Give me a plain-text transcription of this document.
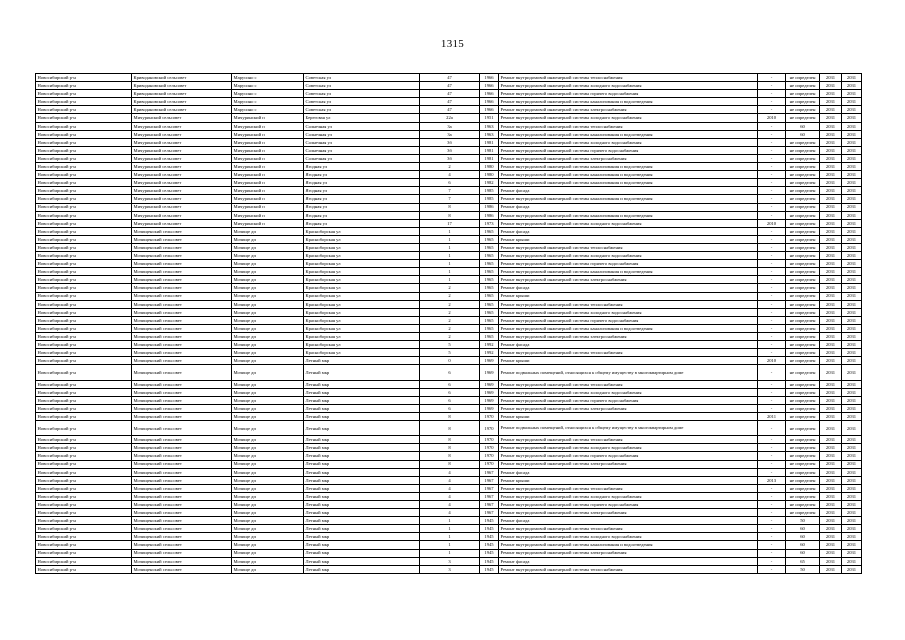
1315
Новосибирский р-н	Криводановский сельсовет	Марусино с	Советская ул	47	1966	Ремонт внутридомовой инженерной системы теплоснабжения	-	не определен	2031	2031
Новосибирский р-н	Криводановский сельсовет	Марусино с	Советская ул	47	1966	Ремонт внутридомовой инженерной системы холодного водоснабжения	-	не определен	2031	2031
Новосибирский р-н	Криводановский сельсовет	Марусино с	Советская ул	47	1966	Ремонт внутридомовой инженерной системы горячего водоснабжения	-	не определен	2031	2031
Новосибирский р-н	Криводановский сельсовет	Марусино с	Советская ул	47	1966	Ремонт внутридомовой инженерной системы канализования и водоотведения	-	не определен	2031	2031
Новосибирский р-н	Криводановский сельсовет	Марусино с	Советская ул	47	1966	Ремонт внутридомовой инженерной системы электроснабжения	-	не определен	2031	2031
Новосибирский р-н	Мичуринский сельсовет	Мичуринский п	Береговая ул	22а	1951	Ремонт внутридомовой инженерной системы холодного водоснабжения	2010	не определен	2031	2031
Новосибирский р-н	Мичуринский сельсовет	Мичуринский п	Солнечная ул	3а	1963	Ремонт внутридомовой инженерной системы теплоснабжения	-	60	2031	2031
Новосибирский р-н	Мичуринский сельсовет	Мичуринский п	Солнечная ул	3а	1963	Ремонт внутридомовой инженерной системы канализования и водоотведения	-	60	2031	2031
Новосибирский р-н	Мичуринский сельсовет	Мичуринский п	Солнечная ул	3б	1981	Ремонт внутридомовой инженерной системы холодного водоснабжения	-	не определен	2031	2031
Новосибирский р-н	Мичуринский сельсовет	Мичуринский п	Солнечная ул	3б	1981	Ремонт внутридомовой инженерной системы горячего водоснабжения	-	не определен	2031	2031
Новосибирский р-н	Мичуринский сельсовет	Мичуринский п	Солнечная ул	3б	1981	Ремонт внутридомовой инженерной системы электроснабжения	-	не определен	2031	2031
Новосибирский р-н	Мичуринский сельсовет	Мичуринский п	Ягодная ул	2	1980	Ремонт внутридомовой инженерной системы канализования и водоотведения	-	не определен	2031	2031
Новосибирский р-н	Мичуринский сельсовет	Мичуринский п	Ягодная ул	4	1980	Ремонт внутридомовой инженерной системы канализования и водоотведения	-	не определен	2031	2031
Новосибирский р-н	Мичуринский сельсовет	Мичуринский п	Ягодная ул	6	1982	Ремонт внутридомовой инженерной системы канализования и водоотведения	-	не определен	2031	2031
Новосибирский р-н	Мичуринский сельсовет	Мичуринский п	Ягодная ул	7	1985	Ремонт фасада	-	не определен	2031	2031
Новосибирский р-н	Мичуринский сельсовет	Мичуринский п	Ягодная ул	7	1985	Ремонт внутридомовой инженерной системы канализования и водоотведения	-	не определен	2031	2031
Новосибирский р-н	Мичуринский сельсовет	Мичуринский п	Ягодная ул	8	1986	Ремонт фасада	-	не определен	2031	2031
Новосибирский р-н	Мичуринский сельсовет	Мичуринский п	Ягодная ул	8	1986	Ремонт внутридомовой инженерной системы канализования и водоотведения	-	не определен	2031	2031
Новосибирский р-н	Мичуринский сельсовет	Мичуринский п	Ягодная ул	17	1973	Ремонт внутридомовой инженерной системы холодного водоснабжения	2010	не определен	2031	2031
Новосибирский р-н	Мочищенский сельсовет	Мочище дп	Красноборская ул	1	1965	Ремонт фасада	-	не определен	2031	2031
Новосибирский р-н	Мочищенский сельсовет	Мочище дп	Красноборская ул	1	1965	Ремонт крыши	-	не определен	2031	2031
Новосибирский р-н	Мочищенский сельсовет	Мочище дп	Красноборская ул	1	1965	Ремонт внутридомовой инженерной системы теплоснабжения	-	не определен	2031	2031
Новосибирский р-н	Мочищенский сельсовет	Мочище дп	Красноборская ул	1	1965	Ремонт внутридомовой инженерной системы холодного водоснабжения	-	не определен	2031	2031
Новосибирский р-н	Мочищенский сельсовет	Мочище дп	Красноборская ул	1	1965	Ремонт внутридомовой инженерной системы горячего водоснабжения	-	не определен	2031	2031
Новосибирский р-н	Мочищенский сельсовет	Мочище дп	Красноборская ул	1	1965	Ремонт внутридомовой инженерной системы канализования и водоотведения	-	не определен	2031	2031
Новосибирский р-н	Мочищенский сельсовет	Мочище дп	Красноборская ул	1	1965	Ремонт внутридомовой инженерной системы электроснабжения	-	не определен	2031	2031
Новосибирский р-н	Мочищенский сельсовет	Мочище дп	Красноборская ул	2	1965	Ремонт фасада	-	не определен	2031	2031
Новосибирский р-н	Мочищенский сельсовет	Мочище дп	Красноборская ул	2	1965	Ремонт крыши	-	не определен	2031	2031
Новосибирский р-н	Мочищенский сельсовет	Мочище дп	Красноборская ул	2	1965	Ремонт внутридомовой инженерной системы теплоснабжения	-	не определен	2031	2031
Новосибирский р-н	Мочищенский сельсовет	Мочище дп	Красноборская ул	2	1965	Ремонт внутридомовой инженерной системы холодного водоснабжения	-	не определен	2031	2031
Новосибирский р-н	Мочищенский сельсовет	Мочище дп	Красноборская ул	2	1965	Ремонт внутридомовой инженерной системы горячего водоснабжения	-	не определен	2031	2031
Новосибирский р-н	Мочищенский сельсовет	Мочище дп	Красноборская ул	2	1965	Ремонт внутридомовой инженерной системы канализования и водоотведения	-	не определен	2031	2031
Новосибирский р-н	Мочищенский сельсовет	Мочище дп	Красноборская ул	2	1965	Ремонт внутридомовой инженерной системы электроснабжения	-	не определен	2031	2031
Новосибирский р-н	Мочищенский сельсовет	Мочище дп	Красноборская ул	5	1992	Ремонт фасада	-	не определен	2031	2031
Новосибирский р-н	Мочищенский сельсовет	Мочище дп	Красноборская ул	5	1992	Ремонт внутридомовой инженерной системы теплоснабжения	-	не определен	2031	2031
Новосибирский р-н	Мочищенский сельсовет	Мочище дп	Летный мкр	0	1969	Ремонт крыши	2010	не определен	2031	2031
Новосибирский р-н	Мочищенский сельсовет	Мочище дп	Летный мкр	6	1969	Ремонт подвальных помещений, относящихся к общему имуществу в многоквартирном доме	-	не определен	2031	2031
Новосибирский р-н	Мочищенский сельсовет	Мочище дп	Летный мкр	6	1969	Ремонт внутридомовой инженерной системы теплоснабжения	-	не определен	2031	2031
Новосибирский р-н	Мочищенский сельсовет	Мочище дп	Летный мкр	6	1969	Ремонт внутридомовой инженерной системы холодного водоснабжения	-	не определен	2031	2031
Новосибирский р-н	Мочищенский сельсовет	Мочище дп	Летный мкр	6	1969	Ремонт внутридомовой инженерной системы горячего водоснабжения	-	не определен	2031	2031
Новосибирский р-н	Мочищенский сельсовет	Мочище дп	Летный мкр	6	1969	Ремонт внутридомовой инженерной системы электроснабжения	-	не определен	2031	2031
Новосибирский р-н	Мочищенский сельсовет	Мочище дп	Летный мкр	8	1970	Ремонт крыши	2011	не определен	2031	2031
Новосибирский р-н	Мочищенский сельсовет	Мочище дп	Летный мкр	8	1970	Ремонт подвальных помещений, относящихся к общему имуществу в многоквартирном доме	-	не определен	2031	2031
Новосибирский р-н	Мочищенский сельсовет	Мочище дп	Летный мкр	8	1970	Ремонт внутридомовой инженерной системы теплоснабжения	-	не определен	2031	2031
Новосибирский р-н	Мочищенский сельсовет	Мочище дп	Летный мкр	8	1970	Ремонт внутридомовой инженерной системы холодного водоснабжения	-	не определен	2031	2031
Новосибирский р-н	Мочищенский сельсовет	Мочище дп	Летный мкр	8	1970	Ремонт внутридомовой инженерной системы горячего водоснабжения	-	не определен	2031	2031
Новосибирский р-н	Мочищенский сельсовет	Мочище дп	Летный мкр	8	1970	Ремонт внутридомовой инженерной системы электроснабжения	-	не определен	2031	2031
Новосибирский р-н	Мочищенский сельсовет	Мочище дп	Летный мкр	4	1967	Ремонт фасада	-	не определен	2031	2031
Новосибирский р-н	Мочищенский сельсовет	Мочище дп	Летный мкр	4	1967	Ремонт крыши	2013	не определен	2031	2031
Новосибирский р-н	Мочищенский сельсовет	Мочище дп	Летный мкр	4	1967	Ремонт внутридомовой инженерной системы теплоснабжения	-	не определен	2031	2031
Новосибирский р-н	Мочищенский сельсовет	Мочище дп	Летный мкр	4	1967	Ремонт внутридомовой инженерной системы холодного водоснабжения	-	не определен	2031	2031
Новосибирский р-н	Мочищенский сельсовет	Мочище дп	Летный мкр	4	1967	Ремонт внутридомовой инженерной системы горячего водоснабжения	-	не определен	2031	2031
Новосибирский р-н	Мочищенский сельсовет	Мочище дп	Летный мкр	4	1967	Ремонт внутридомовой инженерной системы электроснабжения	-	не определен	2031	2031
Новосибирский р-н	Мочищенский сельсовет	Мочище дп	Летный мкр	1	1945	Ремонт фасада	-	50	2031	2031
Новосибирский р-н	Мочищенский сельсовет	Мочище дп	Летный мкр	1	1945	Ремонт внутридомовой инженерной системы теплоснабжения	-	60	2031	2031
Новосибирский р-н	Мочищенский сельсовет	Мочище дп	Летный мкр	1	1945	Ремонт внутридомовой инженерной системы холодного водоснабжения	-	60	2031	2031
Новосибирский р-н	Мочищенский сельсовет	Мочище дп	Летный мкр	1	1945	Ремонт внутридомовой инженерной системы канализования и водоотведения	-	60	2031	2031
Новосибирский р-н	Мочищенский сельсовет	Мочище дп	Летный мкр	1	1945	Ремонт внутридомовой инженерной системы электроснабжения	-	60	2031	2031
Новосибирский р-н	Мочищенский сельсовет	Мочище дп	Летный мкр	3	1945	Ремонт фасада	-	65	2031	2031
Новосибирский р-н	Мочищенский сельсовет	Мочище дп	Летный мкр	3	1945	Ремонт внутридомовой инженерной системы теплоснабжения	-	50	2031	2031
